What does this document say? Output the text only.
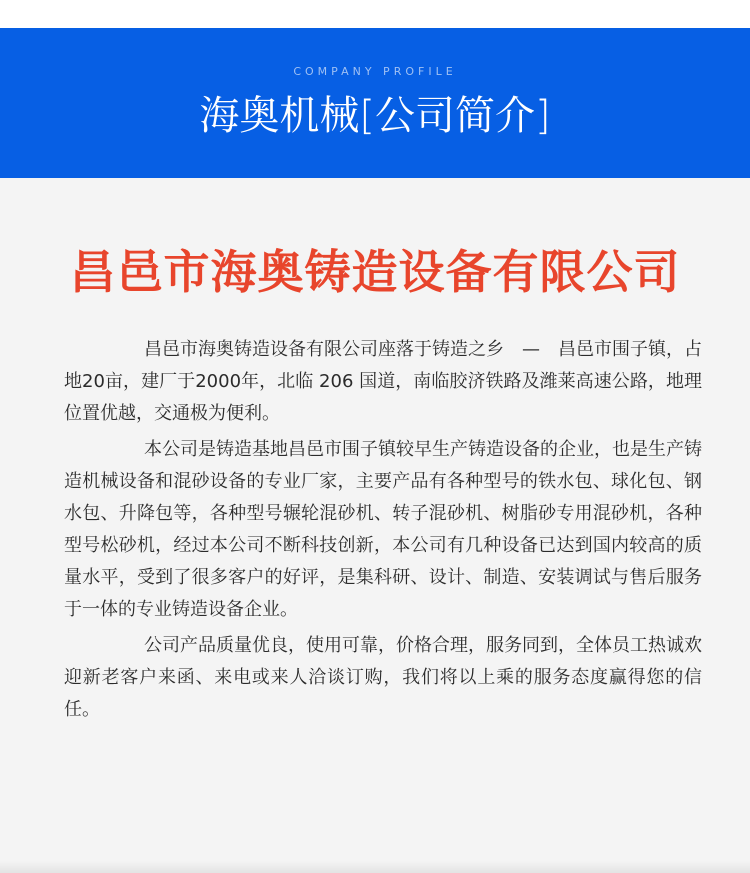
COMPANY PROFILE
海奥机械[公司简介]
昌邑市海奥铸造设备有限公司

昌邑市海奥铸造设备有限公司座落于铸造之乡　—　昌邑市围子镇，占地20亩，建厂于2000年，北临 206 国道，南临胶济铁路及潍莱高速公路，地理位置优越，交通极为便利。

本公司是铸造基地昌邑市围子镇较早生产铸造设备的企业，也是生产铸造机械设备和混砂设备的专业厂家，主要产品有各种型号的铁水包、球化包、钢水包、升降包等，各种型号辗轮混砂机、转子混砂机、树脂砂专用混砂机，各种型号松砂机，经过本公司不断科技创新，本公司有几种设备已达到国内较高的质量水平，受到了很多客户的好评，是集科研、设计、制造、安装调试与售后服务于一体的专业铸造设备企业。

公司产品质量优良，使用可靠，价格合理，服务同到，全体员工热诚欢迎新老客户来函、来电或来人洽谈订购，我们将以上乘的服务态度赢得您的信任。
